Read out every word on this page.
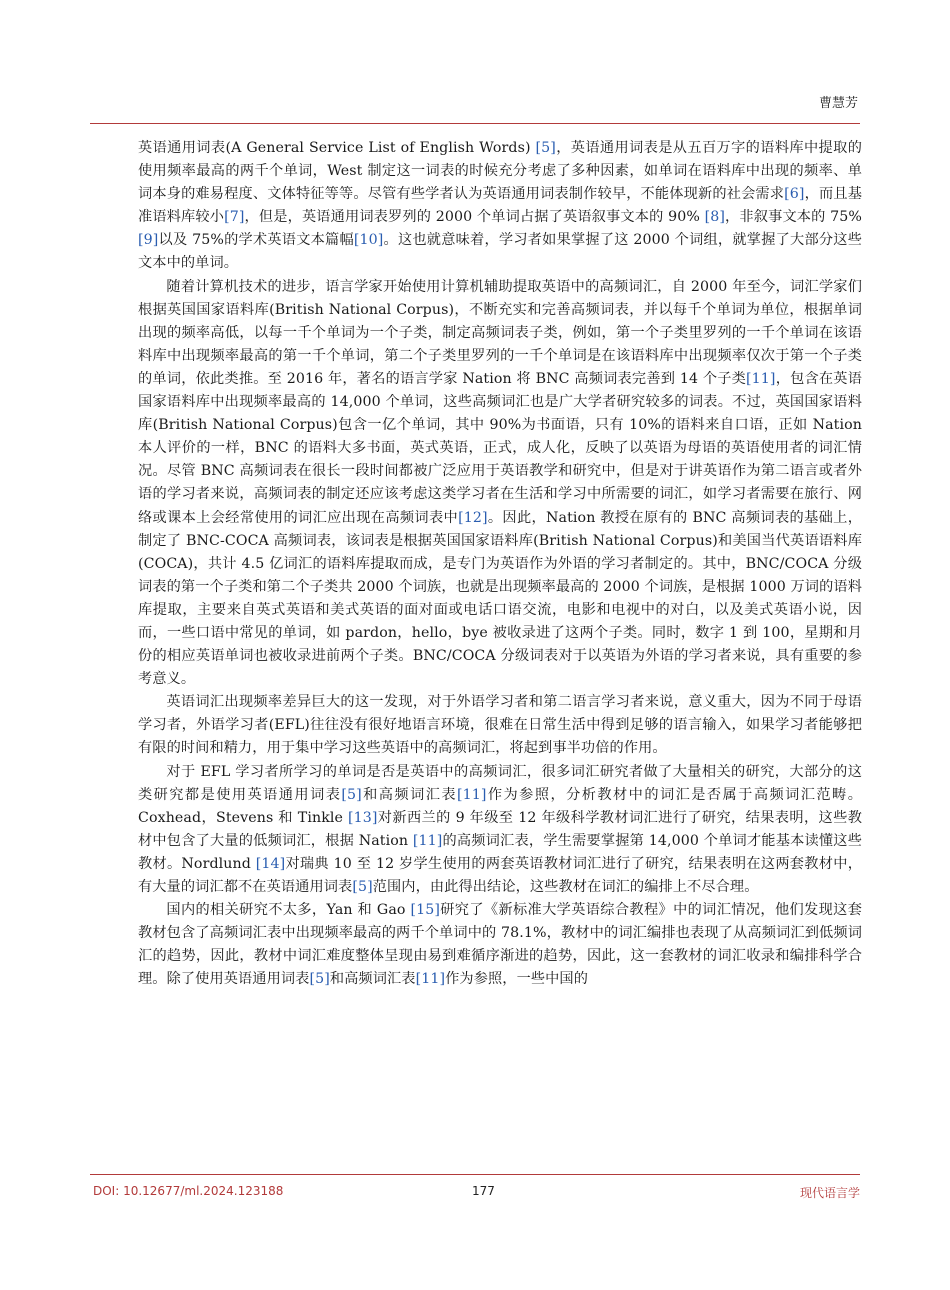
曹慧芳

英语通用词表(A General Service List of English Words) [5]，英语通用词表是从五百万字的语料库中提取的使用频率最高的两千个单词，West 制定这一词表的时候充分考虑了多种因素，如单词在语料库中出现的频率、单词本身的难易程度、文体特征等等。尽管有些学者认为英语通用词表制作较早，不能体现新的社会需求[6]，而且基准语料库较小[7]，但是，英语通用词表罗列的 2000 个单词占据了英语叙事文本的 90% [8]，非叙事文本的 75% [9]以及 75%的学术英语文本篇幅[10]。这也就意味着，学习者如果掌握了这 2000 个词组，就掌握了大部分这些文本中的单词。

随着计算机技术的进步，语言学家开始使用计算机辅助提取英语中的高频词汇，自 2000 年至今，词汇学家们根据英国国家语料库(British National Corpus)，不断充实和完善高频词表，并以每千个单词为单位，根据单词出现的频率高低，以每一千个单词为一个子类，制定高频词表子类，例如，第一个子类里罗列的一千个单词在该语料库中出现频率最高的第一千个单词，第二个子类里罗列的一千个单词是在该语料库中出现频率仅次于第一个子类的单词，依此类推。至 2016 年，著名的语言学家 Nation 将 BNC 高频词表完善到 14 个子类[11]，包含在英语国家语料库中出现频率最高的 14,000 个单词，这些高频词汇也是广大学者研究较多的词表。不过，英国国家语料库(British National Corpus)包含一亿个单词，其中 90%为书面语，只有 10%的语料来自口语，正如 Nation 本人评价的一样，BNC 的语料大多书面，英式英语，正式，成人化，反映了以英语为母语的英语使用者的词汇情况。尽管 BNC 高频词表在很长一段时间都被广泛应用于英语教学和研究中，但是对于讲英语作为第二语言或者外语的学习者来说，高频词表的制定还应该考虑这类学习者在生活和学习中所需要的词汇，如学习者需要在旅行、网络或课本上会经常使用的词汇应出现在高频词表中[12]。因此，Nation 教授在原有的 BNC 高频词表的基础上，制定了 BNC-COCA 高频词表，该词表是根据英国国家语料库(British National Corpus)和美国当代英语语料库(COCA)，共计 4.5 亿词汇的语料库提取而成，是专门为英语作为外语的学习者制定的。其中，BNC/COCA 分级词表的第一个子类和第二个子类共 2000 个词族，也就是出现频率最高的 2000 个词族，是根据 1000 万词的语料库提取，主要来自英式英语和美式英语的面对面或电话口语交流，电影和电视中的对白，以及美式英语小说，因而，一些口语中常见的单词，如 pardon，hello，bye 被收录进了这两个子类。同时，数字 1 到 100，星期和月份的相应英语单词也被收录进前两个子类。BNC/COCA 分级词表对于以英语为外语的学习者来说，具有重要的参考意义。

英语词汇出现频率差异巨大的这一发现，对于外语学习者和第二语言学习者来说，意义重大，因为不同于母语学习者，外语学习者(EFL)往往没有很好地语言环境，很难在日常生活中得到足够的语言输入，如果学习者能够把有限的时间和精力，用于集中学习这些英语中的高频词汇，将起到事半功倍的作用。

对于 EFL 学习者所学习的单词是否是英语中的高频词汇，很多词汇研究者做了大量相关的研究，大部分的这类研究都是使用英语通用词表[5]和高频词汇表[11]作为参照，分析教材中的词汇是否属于高频词汇范畴。Coxhead，Stevens 和 Tinkle [13]对新西兰的 9 年级至 12 年级科学教材词汇进行了研究，结果表明，这些教材中包含了大量的低频词汇，根据 Nation [11]的高频词汇表，学生需要掌握第 14,000 个单词才能基本读懂这些教材。Nordlund [14]对瑞典 10 至 12 岁学生使用的两套英语教材词汇进行了研究，结果表明在这两套教材中，有大量的词汇都不在英语通用词表[5]范围内，由此得出结论，这些教材在词汇的编排上不尽合理。

国内的相关研究不太多，Yan 和 Gao [15]研究了《新标准大学英语综合教程》中的词汇情况，他们发现这套教材包含了高频词汇表中出现频率最高的两千个单词中的 78.1%，教材中的词汇编排也表现了从高频词汇到低频词汇的趋势，因此，教材中词汇难度整体呈现由易到难循序渐进的趋势，因此，这一套教材的词汇收录和编排科学合理。除了使用英语通用词表[5]和高频词汇表[11]作为参照，一些中国的

DOI: 10.12677/ml.2024.123188	177	现代语言学
